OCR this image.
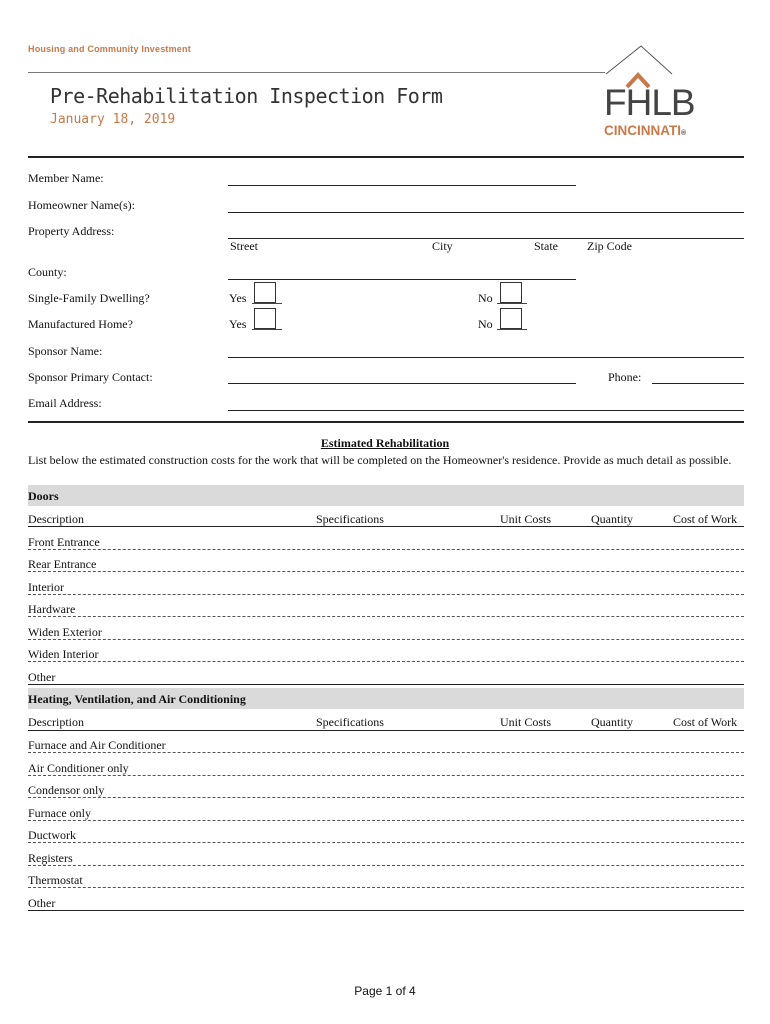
Housing and Community Investment
Pre-Rehabilitation Inspection Form
January 18, 2019	FHLB
CINCINNATI®
Member Name:
Homeowner Name(s):
Property Address:
Street	City	State Zip Code
County:
Single-Family Dwelling?	Yes	No
Manufactured Home?	Yes	No
Sponsor Name:
Sponsor Primary Contact:	Phone:
Email Address:
Estimated Rehabilitation
List below the estimated construction costs for the work that will be completed on the Homeowner's residence. Provide as much detail as possible.
Doors
Description	Specifications	Unit Costs	Quantity	Cost of Work
Front Entrance
Rear Entrance
Interior
Hardware
Widen Exterior
Widen Interior
Other
Heating, Ventilation, and Air Conditioning
Description	Specifications	Unit Costs	Quantity	Cost of Work
Furnace and Air Conditioner
Air Conditioner only
Condensor only
Furnace only
Ductwork
Registers
Thermostat
Other
Page 1 of 4
